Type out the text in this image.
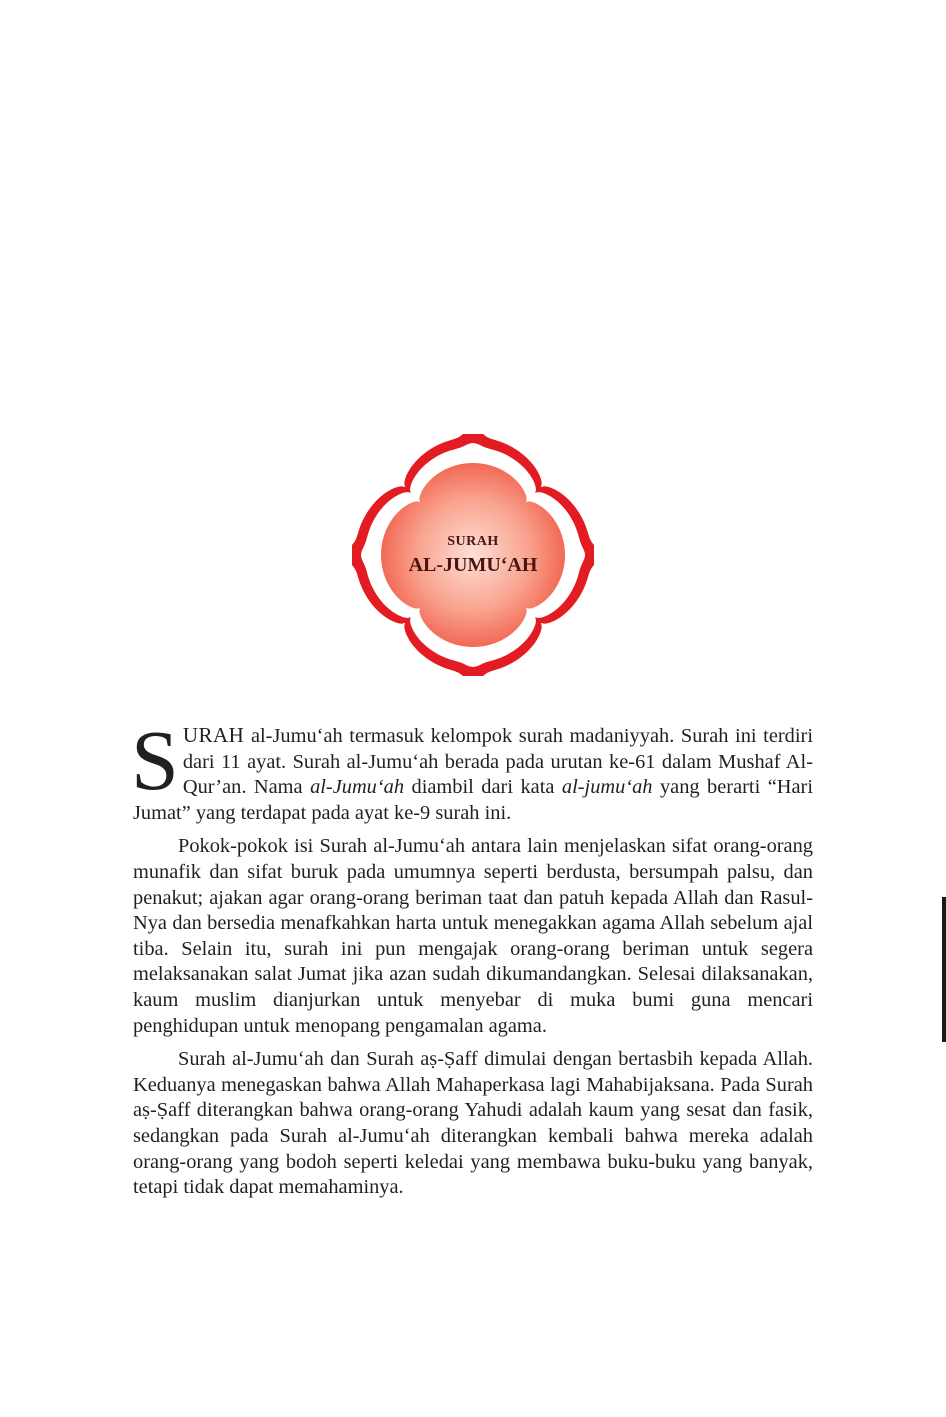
SURAH
AL-JUMU‘AH

SURAH al-Jumu‘ah termasuk kelompok surah madaniyyah. Surah ini terdiri dari 11 ayat. Surah al-Jumu‘ah berada pada urutan ke-61 dalam Mushaf Al-Qur’an. Nama al-Jumu‘ah diambil dari kata al-jumu‘ah yang berarti “Hari Jumat” yang terdapat pada ayat ke-9 surah ini.

Pokok-pokok isi Surah al-Jumu‘ah antara lain menjelaskan sifat orang-orang munafik dan sifat buruk pada umumnya seperti berdusta, bersumpah palsu, dan penakut; ajakan agar orang-orang beriman taat dan patuh kepada Allah dan Rasul-Nya dan bersedia menafkahkan harta untuk menegakkan agama Allah sebelum ajal tiba. Selain itu, surah ini pun mengajak orang-orang beriman untuk segera melaksanakan salat Jumat jika azan sudah dikumandangkan. Selesai dilaksanakan, kaum muslim dianjurkan untuk menyebar di muka bumi guna mencari penghidupan untuk menopang pengamalan agama.

Surah al-Jumu‘ah dan Surah aṣ-Ṣaff dimulai dengan bertasbih kepada Allah. Keduanya menegaskan bahwa Allah Mahaperkasa lagi Mahabijaksana. Pada Surah aṣ-Ṣaff diterangkan bahwa orang-orang Yahudi adalah kaum yang sesat dan fasik, sedangkan pada Surah al-Jumu‘ah diterangkan kembali bahwa mereka adalah orang-orang yang bodoh seperti keledai yang membawa buku-buku yang banyak, tetapi tidak dapat memahaminya.
